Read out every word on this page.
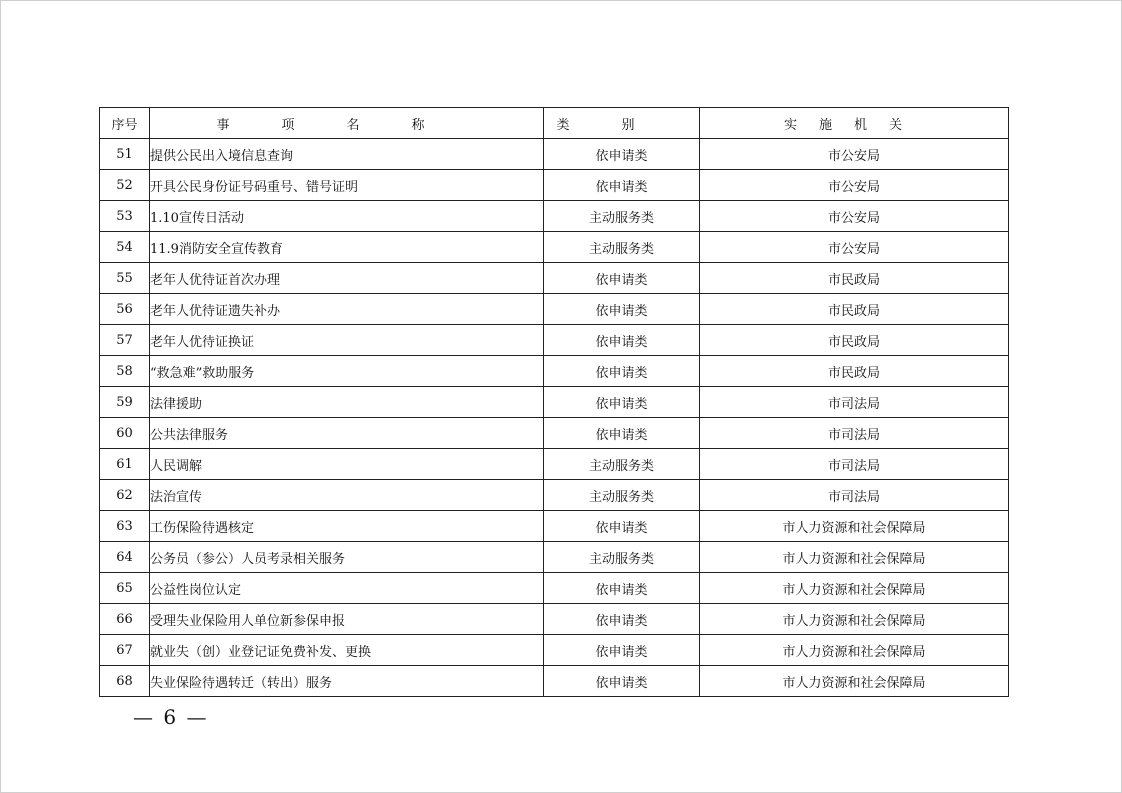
序号	事项名称	类别	实施机关
51	提供公民出入境信息查询	依申请类	市公安局
52	开具公民身份证号码重号、错号证明	依申请类	市公安局
53	1.10宣传日活动	主动服务类	市公安局
54	11.9消防安全宣传教育	主动服务类	市公安局
55	老年人优待证首次办理	依申请类	市民政局
56	老年人优待证遗失补办	依申请类	市民政局
57	老年人优待证换证	依申请类	市民政局
58	“救急难”救助服务	依申请类	市民政局
59	法律援助	依申请类	市司法局
60	公共法律服务	依申请类	市司法局
61	人民调解	主动服务类	市司法局
62	法治宣传	主动服务类	市司法局
63	工伤保险待遇核定	依申请类	市人力资源和社会保障局
64	公务员（参公）人员考录相关服务	主动服务类	市人力资源和社会保障局
65	公益性岗位认定	依申请类	市人力资源和社会保障局
66	受理失业保险用人单位新参保申报	依申请类	市人力资源和社会保障局
67	就业失（创）业登记证免费补发、更换	依申请类	市人力资源和社会保障局
68	失业保险待遇转迁（转出）服务	依申请类	市人力资源和社会保障局
— 6 —
